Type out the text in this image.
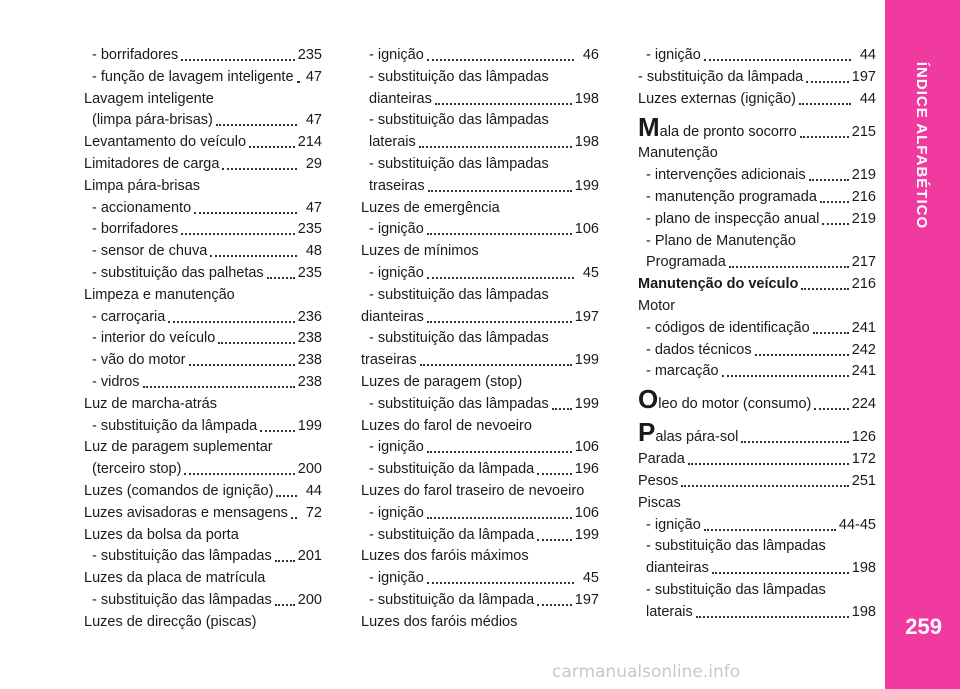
- borrifadores	235
- função de lavagem inteligente 47
Lavagem inteligente
(limpa pára-brisas)	47
Levantamento do veículo	214
Limitadores de carga	29
Limpa pára-brisas
- accionamento	47
- borrifadores	235
- sensor de chuva	48
- substituição das palhetas 235
Limpeza e manutenção
- carroçaria	236
- interior do veículo	238
- vão do motor	238
- vidros	238
Luz de marcha-atrás
- substituição da lâmpada	199
Luz de paragem suplementar
(terceiro stop)	200
Luzes (comandos de ignição)	44
Luzes avisadoras e mensagens	72
Luzes da bolsa da porta
- substituição das lâmpadas 201
Luzes da placa de matrícula
- substituição das lâmpadas 200
Luzes de direcção (piscas)
- ignição	46
- substituição das lâmpadas
dianteiras	198
- substituição das lâmpadas
laterais	198
- substituição das lâmpadas
traseiras	199
Luzes de emergência
- ignição	106
Luzes de mínimos
- ignição	45
- substituição das lâmpadas
dianteiras	197
- substituição das lâmpadas
traseiras	199
Luzes de paragem (stop)
- substituição das lâmpadas 199
Luzes do farol de nevoeiro
- ignição	106
- substituição da lâmpada	196
Luzes do farol traseiro de nevoeiro
- ignição	106
- substituição da lâmpada	199
Luzes dos faróis máximos
- ignição	45
- substituição da lâmpada	197
Luzes dos faróis médios
- ignição	44
- substituição da lâmpada	197
Luzes externas (ignição)	44
Mala de pronto socorro	215
Manutenção
- intervenções adicionais	219
- manutenção programada 216
- plano de inspecção anual 219
- Plano de Manutenção
Programada	217
Manutenção do veículo	216
Motor
- códigos de identificação	241
- dados técnicos	242
- marcação	241
Oleo do motor (consumo)	224
Palas pára-sol	126
Parada	172
Pesos	251
Piscas
- ignição	44-45
- substituição das lâmpadas
dianteiras	198
- substituição das lâmpadas
laterais	198
ÍNDICE ALFABÉTICO
259
carmanualsonline.info
